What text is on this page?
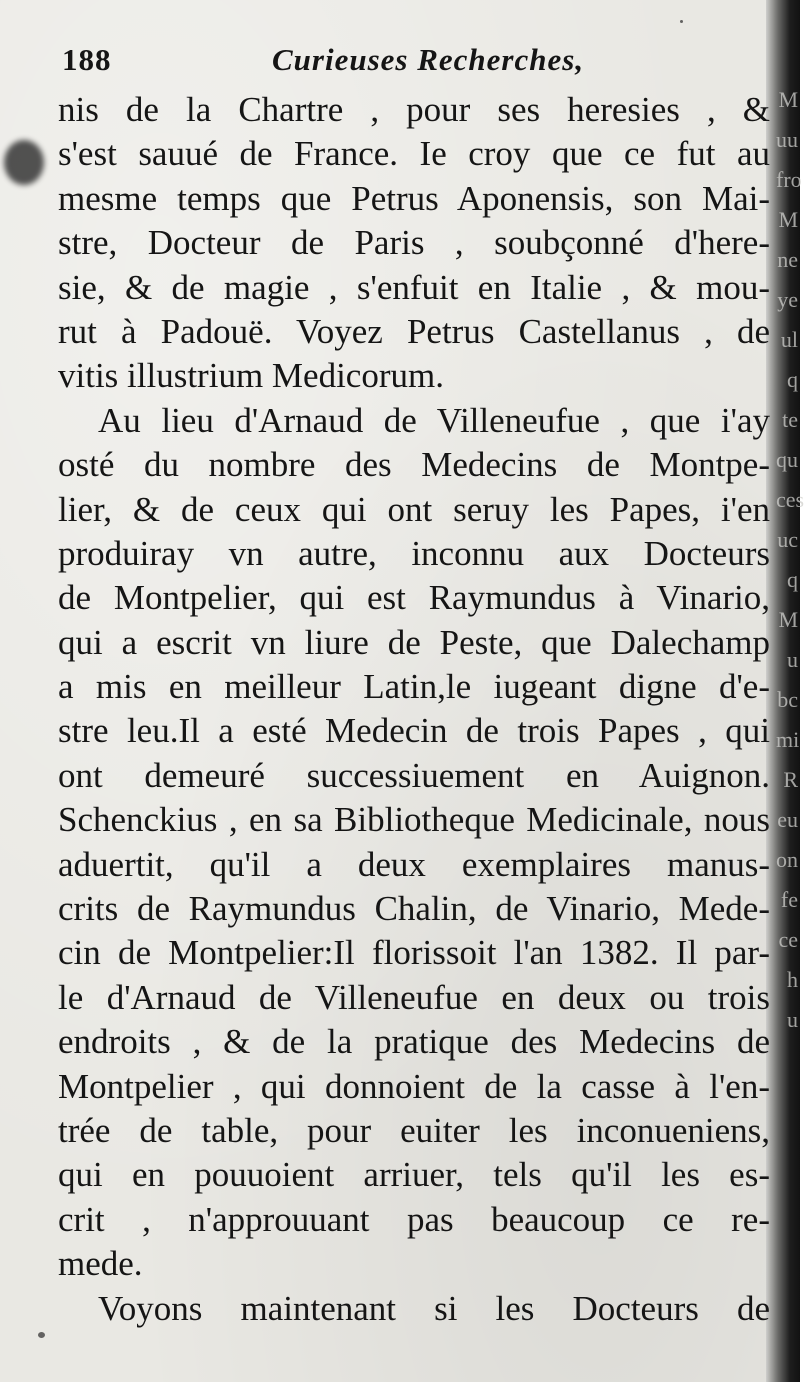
M
uu
fro
M
ne
ye
ul
q
te
qu
ces
uc
q
M
u
bc
mi
R
eu
on
fe
ce
h
u
188	Curieuses Recherches,
nis de la Chartre , pour ses heresies , &
s'est sauué de France. Ie croy que ce fut au
mesme temps que Petrus Aponensis, son Mai-
stre, Docteur de Paris , soubçonné d'here-
sie, & de magie , s'enfuit en Italie , & mou-
rut à Padouë. Voyez Petrus Castellanus , de
vitis illustrium Medicorum.
Au lieu d'Arnaud de Villeneufue , que i'ay
osté du nombre des Medecins de Montpe-
lier, & de ceux qui ont seruy les Papes, i'en
produiray vn autre, inconnu aux Docteurs
de Montpelier, qui est Raymundus à Vinario,
qui a escrit vn liure de Peste, que Dalechamp
a mis en meilleur Latin,le iugeant digne d'e-
stre leu.Il a esté Medecin de trois Papes , qui
ont demeuré successiuement en Auignon.
Schenckius , en sa Bibliotheque Medicinale, nous
aduertit, qu'il a deux exemplaires manus-
crits de Raymundus Chalin, de Vinario, Mede-
cin de Montpelier:Il florissoit l'an 1382. Il par-
le d'Arnaud de Villeneufue en deux ou trois
endroits , & de la pratique des Medecins de
Montpelier , qui donnoient de la casse à l'en-
trée de table, pour euiter les inconueniens,
qui en pouuoient arriuer, tels qu'il les es-
crit , n'approuuant pas beaucoup ce re-
mede.
Voyons maintenant si les Docteurs de
